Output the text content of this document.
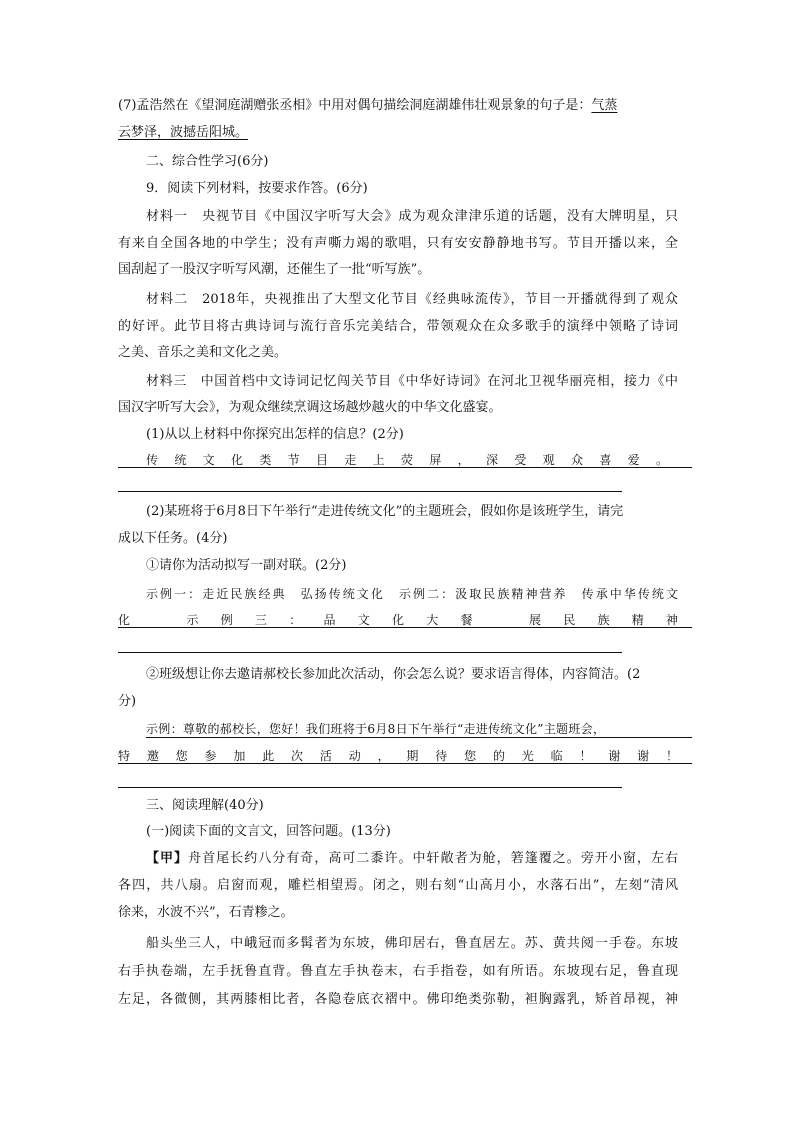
(7)孟浩然在《望洞庭湖赠张丞相》中用对偶句描绘洞庭湖雄伟壮观景象的句子是：气蒸
云梦泽，波撼岳阳城。
二、综合性学习(6分)
9．阅读下列材料，按要求作答。(6分)
材料一　央视节目《中国汉字听写大会》成为观众津津乐道的话题，没有大牌明星，只
有来自全国各地的中学生；没有声嘶力竭的歌唱，只有安安静静地书写。节目开播以来，全
国刮起了一股汉字听写风潮，还催生了一批“听写族”。
材料二　2018年，央视推出了大型文化节目《经典咏流传》，节目一开播就得到了观众
的好评。此节目将古典诗词与流行音乐完美结合，带领观众在众多歌手的演绎中领略了诗词
之美、音乐之美和文化之美。
材料三　中国首档中文诗词记忆闯关节目《中华好诗词》在河北卫视华丽亮相，接力《中
国汉字听写大会》，为观众继续烹调这场越炒越火的中华文化盛宴。
(1)从以上材料中你探究出怎样的信息？(2分)
传统文化类节目走上荧屏，深受观众喜爱。
(2)某班将于6月8日下午举行“走进传统文化”的主题班会，假如你是该班学生，请完
成以下任务。(4分)
①请你为活动拟写一副对联。(2分)
示例一：走近民族经典　弘扬传统文化　示例二：汲取民族精神营养　传承中华传统文
化　示例三：品文化大餐　展民族精神
②班级想让你去邀请郝校长参加此次活动，你会怎么说？要求语言得体，内容简洁。(2
分)
示例：尊敬的郝校长，您好！我们班将于6月8日下午举行“走进传统文化”主题班会，
特邀您参加此次活动，期待您的光临！谢谢！
三、阅读理解(40分)
(一)阅读下面的文言文，回答问题。(13分)
【甲】舟首尾长约八分有奇，高可二黍许。中轩敞者为舱，箬篷覆之。旁开小窗，左右
各四，共八扇。启窗而观，雕栏相望焉。闭之，则右刻“山高月小，水落石出”，左刻“清风
徐来，水波不兴”，石青糁之。
船头坐三人，中峨冠而多髯者为东坡，佛印居右，鲁直居左。苏、黄共阅一手卷。东坡
右手执卷端，左手抚鲁直背。鲁直左手执卷末，右手指卷，如有所语。东坡现右足，鲁直现
左足，各微侧，其两膝相比者，各隐卷底衣褶中。佛印绝类弥勒，袒胸露乳，矫首昂视，神
